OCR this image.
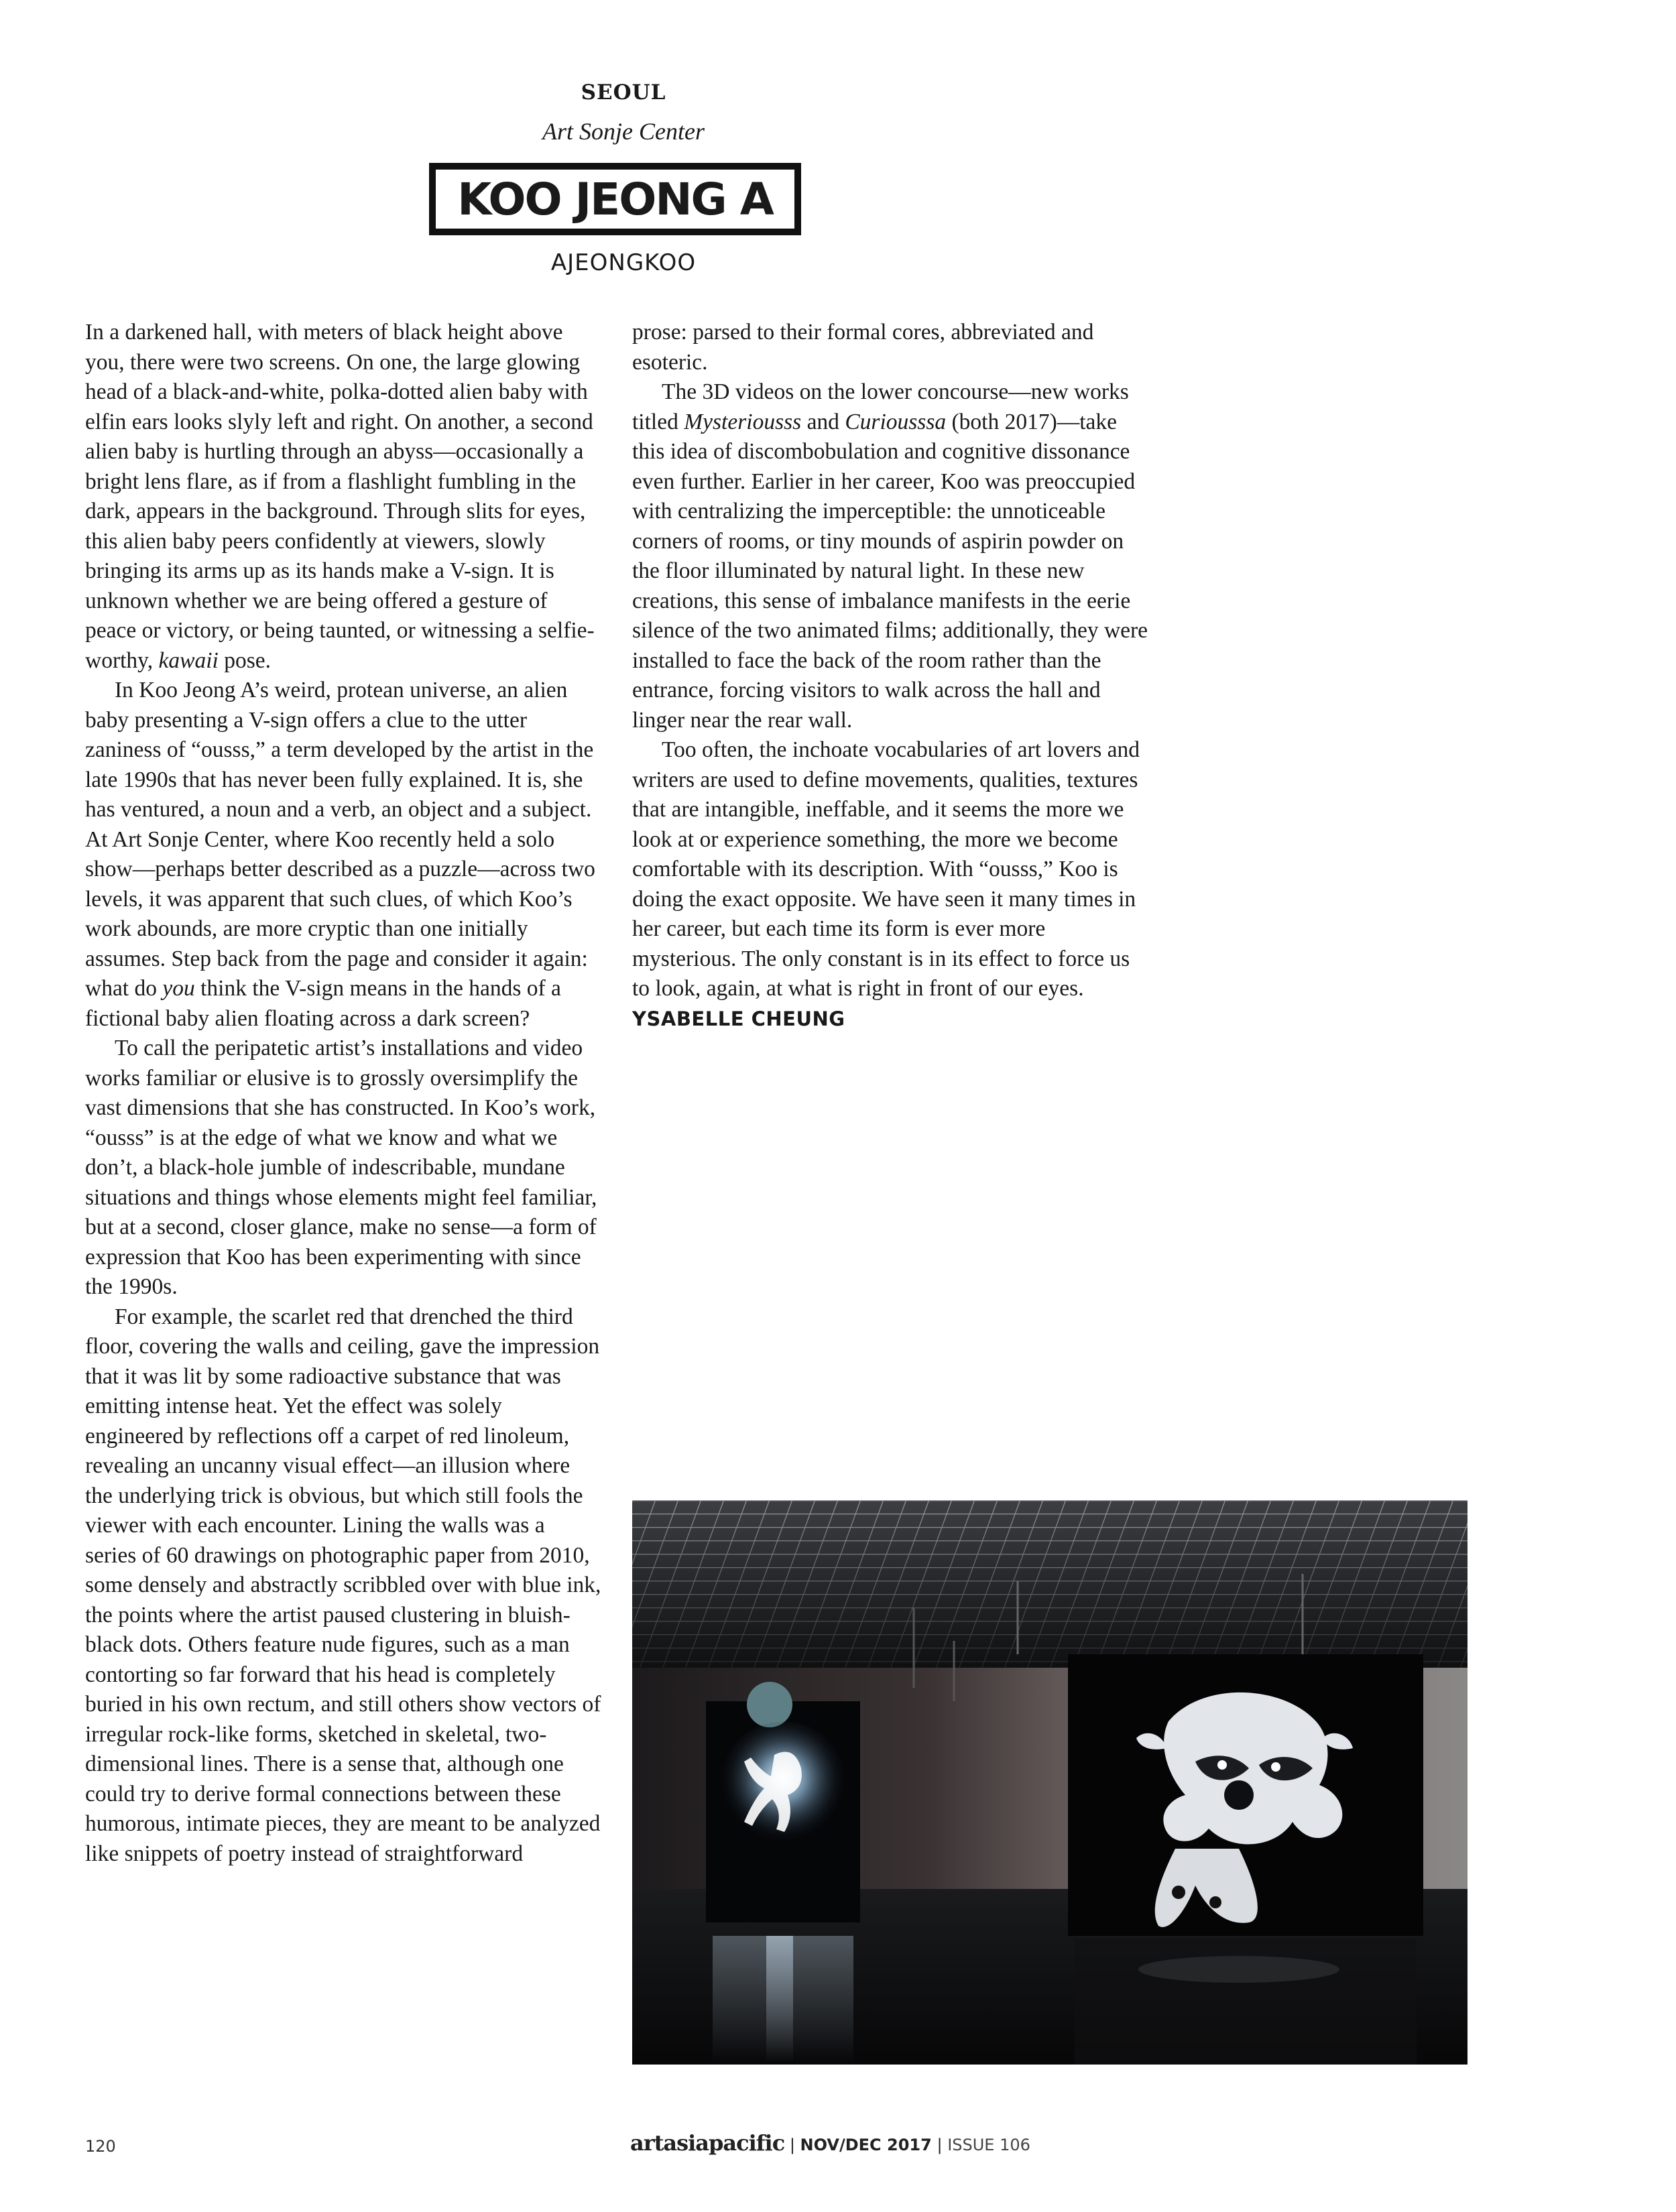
SEOUL
Art Sonje Center
KOO JEONG A
AJEONGKOO

In a darkened hall, with meters of black height above you, there were two screens. On one, the large glowing head of a black-and-white, polka-dotted alien baby with elfin ears looks slyly left and right. On another, a second alien baby is hurtling through an abyss—occasionally a bright lens flare, as if from a flashlight fumbling in the dark, appears in the background. Through slits for eyes, this alien baby peers confidently at viewers, slowly bringing its arms up as its hands make a V-sign. It is unknown whether we are being offered a gesture of peace or victory, or being taunted, or witnessing a selfie-worthy, kawaii pose.

In Koo Jeong A’s weird, protean universe, an alien baby presenting a V-sign offers a clue to the utter zaniness of “ousss,” a term developed by the artist in the late 1990s that has never been fully explained. It is, she has ventured, a noun and a verb, an object and a subject. At Art Sonje Center, where Koo recently held a solo show—perhaps better described as a puzzle—across two levels, it was apparent that such clues, of which Koo’s work abounds, are more cryptic than one initially assumes. Step back from the page and consider it again: what do you think the V-sign means in the hands of a fictional baby alien floating across a dark screen?

To call the peripatetic artist’s installations and video works familiar or elusive is to grossly oversimplify the vast dimensions that she has constructed. In Koo’s work, “ousss” is at the edge of what we know and what we don’t, a black-hole jumble of indescribable, mundane situations and things whose elements might feel familiar, but at a second, closer glance, make no sense—a form of expression that Koo has been experimenting with since the 1990s.

For example, the scarlet red that drenched the third floor, covering the walls and ceiling, gave the impression that it was lit by some radioactive substance that was emitting intense heat. Yet the effect was solely engineered by reflections off a carpet of red linoleum, revealing an uncanny visual effect—an illusion where the underlying trick is obvious, but which still fools the viewer with each encounter. Lining the walls was a series of 60 drawings on photographic paper from 2010, some densely and abstractly scribbled over with blue ink, the points where the artist paused clustering in bluish-black dots. Others feature nude figures, such as a man contorting so far forward that his head is completely buried in his own rectum, and still others show vectors of irregular rock-like forms, sketched in skeletal, two-dimensional lines. There is a sense that, although one could try to derive formal connections between these humorous, intimate pieces, they are meant to be analyzed like snippets of poetry instead of straightforward

prose: parsed to their formal cores, abbreviated and esoteric.

The 3D videos on the lower concourse—new works titled Mysteriousss and Curiousssa (both 2017)—take this idea of discombobulation and cognitive dissonance even further. Earlier in her career, Koo was preoccupied with centralizing the imperceptible: the unnoticeable corners of rooms, or tiny mounds of aspirin powder on the floor illuminated by natural light. In these new creations, this sense of imbalance manifests in the eerie silence of the two animated films; additionally, they were installed to face the back of the room rather than the entrance, forcing visitors to walk across the hall and linger near the rear wall.

Too often, the inchoate vocabularies of art lovers and writers are used to define movements, qualities, textures that are intangible, ineffable, and it seems the more we look at or experience something, the more we become comfortable with its description. With “ousss,” Koo is doing the exact opposite. We have seen it many times in her career, but each time its form is ever more mysterious. The only constant is in its effect to force us to look, again, at what is right in front of our eyes.

YSABELLE CHEUNG
120	artasiapacific | NOV/DEC 2017 | ISSUE 106
